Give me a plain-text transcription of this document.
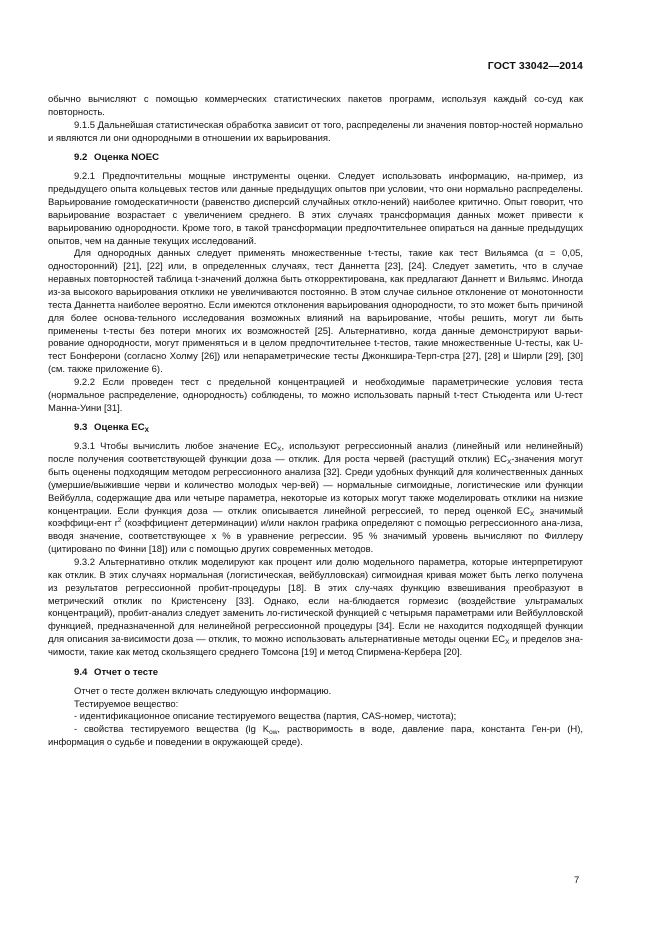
ГОСТ 33042—2014

обычно вычисляют с помощью коммерческих статистических пакетов программ, используя каждый со-суд как повторность.

9.1.5 Дальнейшая статистическая обработка зависит от того, распределены ли значения повтор-ностей нормально и являются ли они однородными в отношении их варьирования.

9.2 Оценка NOEC

9.2.1 Предпочтительны мощные инструменты оценки. Следует использовать информацию, на-пример, из предыдущего опыта кольцевых тестов или данные предыдущих опытов при условии, что они нормально распределены. Варьирование гомодескатичности (равенство дисперсий случайных откло-нений) наиболее критично. Опыт говорит, что варьирование возрастает с увеличением среднего. В этих случаях трансформация данных может привести к варьированию однородности. Кроме того, в такой трансформации предпочтительнее опираться на данные предыдущих опытов, чем на данные текущих исследований.

Для однородных данных следует применять множественные t-тесты, такие как тест Вильямса (α = 0,05, односторонний) [21], [22] или, в определенных случаях, тест Даннетта [23], [24]. Следует заметить, что в случае неравных повторностей таблица t-значений должна быть откорректирована, как предлагают Даннетт и Вильямс. Иногда из-за высокого варьирования отклики не увеличиваются постоянно. В этом случае сильное отклонение от монотонности теста Даннетта наиболее вероятно. Если имеются отклонения варьирования однородности, то это может быть причиной для более основа-тельного исследования возможных влияний на варьирование, чтобы решить, могут ли быть применены t-тесты без потери многих их возможностей [25]. Альтернативно, когда данные демонстрируют варьи-рование однородности, могут применяться и в целом предпочтительнее t-тестов, такие множественные U-тесты, как U-тест Бонферони (согласно Холму [26]) или непараметрические тесты Джонкшира-Терп-стра [27], [28] и Ширли [29], [30] (см. также приложение 6).

9.2.2 Если проведен тест с предельной концентрацией и необходимые параметрические условия теста (нормальное распределение, однородность) соблюдены, то можно использовать парный t-тест Стьюдента или U-тест Манна-Уини [31].

9.3 Оценка $EC_X$

9.3.1 Чтобы вычислить любое значение $EC_X$, используют регрессионный анализ (линейный или нелинейный) после получения соответствующей функции доза — отклик. Для роста червей (растущий отклик) $EC_X$-значения могут быть оценены подходящим методом регрессионного анализа [32]. Среди удобных функций для количественных данных (умершие/выжившие черви и количество молодых чер-вей) — нормальные сигмоидные, логистические или функции Вейбулла, содержащие два или четыре параметра, некоторые из которых могут также моделировать отклики на низкие концентрации. Если функция доза — отклик описывается линейной регрессией, то перед оценкой $EC_X$ значимый коэффици-ент $r^2$ (коэффициент детерминации) и/или наклон графика определяют с помощью регрессионного ана-лиза, вводя значение, соответствующее x % в уравнение регрессии. 95 % значимый уровень вычисляют по Филлеру (цитировано по Финни [18]) или с помощью других современных методов.

9.3.2 Альтернативно отклик моделируют как процент или долю модельного параметра, которые интерпретируют как отклик. В этих случаях нормальная (логистическая, вейбулловская) сигмоидная кривая может быть легко получена из результатов регрессионной пробит-процедуры [18]. В этих слу-чаях функцию взвешивания преобразуют в метрический отклик по Кристенсену [33]. Однако, если на-блюдается гормезис (воздействие ультрамалых концентраций), пробит-анализ следует заменить ло-гистической функцией с четырьмя параметрами или Вейбулловской функцией, предназначенной для нелинейной регрессионной процедуры [34]. Если не находится подходящей функции для описания за-висимости доза — отклик, то можно использовать альтернативные методы оценки $EC_X$ и пределов зна-чимости, такие как метод скользящего среднего Томсона [19] и метод Спирмена-Кербера [20].

9.4 Отчет о тесте

Отчет о тесте должен включать следующую информацию.

Тестируемое вещество:

- идентификационное описание тестируемого вещества (партия, CAS-номер, чистота);

- свойства тестируемого вещества (lg $K_{ow}$, растворимость в воде, давление пара, константа Ген-ри (Н), информация о судьбе и поведении в окружающей среде).

7
